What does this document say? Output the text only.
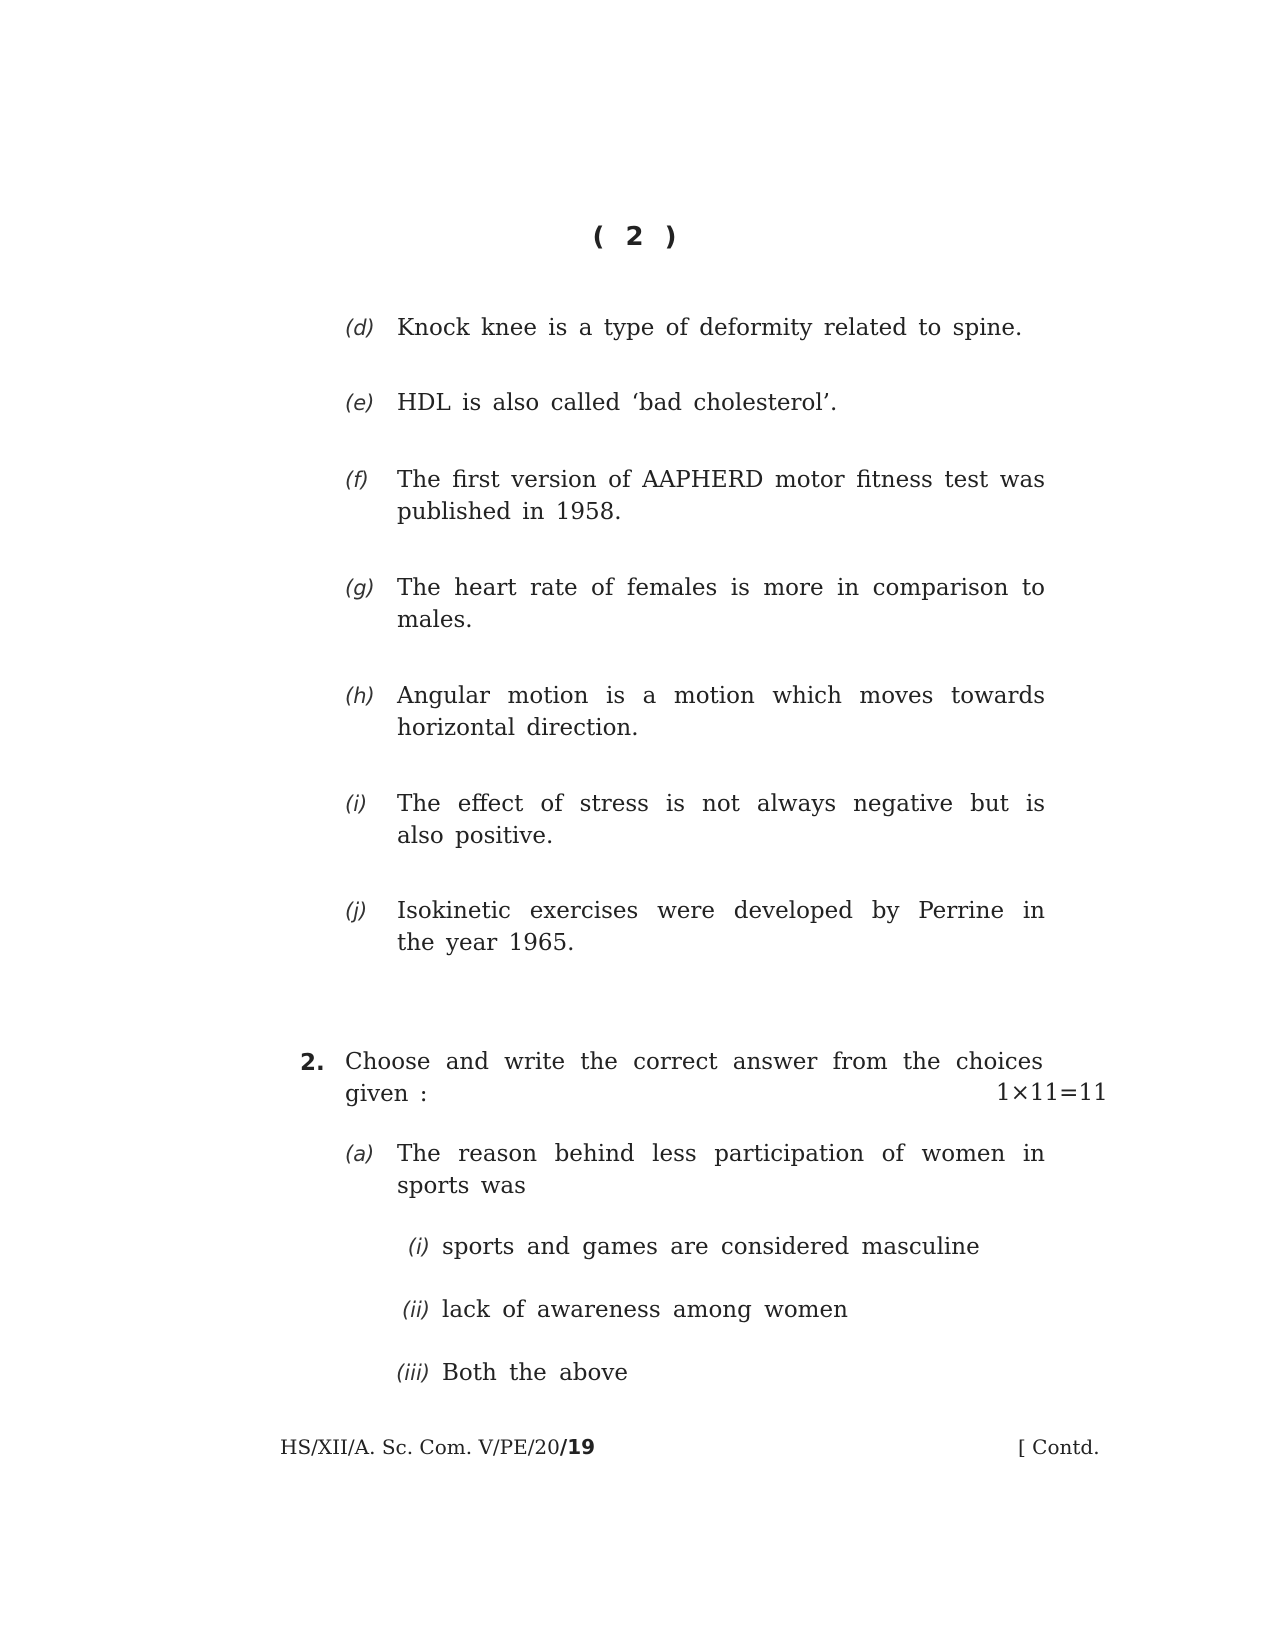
( 2 )
(d) Knock knee is a type of deformity related to spine.
(e) HDL is also called ‘bad cholesterol’.
(f) The first version of AAPHERD motor fitness test was published in 1958.
(g) The heart rate of females is more in comparison to males.
(h) Angular motion is a motion which moves towards horizontal direction.
(i) The effect of stress is not always negative but is also positive.
(j) Isokinetic exercises were developed by Perrine in the year 1965.
2. Choose and write the correct answer from the choices given :	1×11=11
(a) The reason behind less participation of women in sports was
(i) sports and games are considered masculine
(ii) lack of awareness among women
(iii) Both the above
HS/XII/A. Sc. Com. V/PE/20/19	[ Contd.
